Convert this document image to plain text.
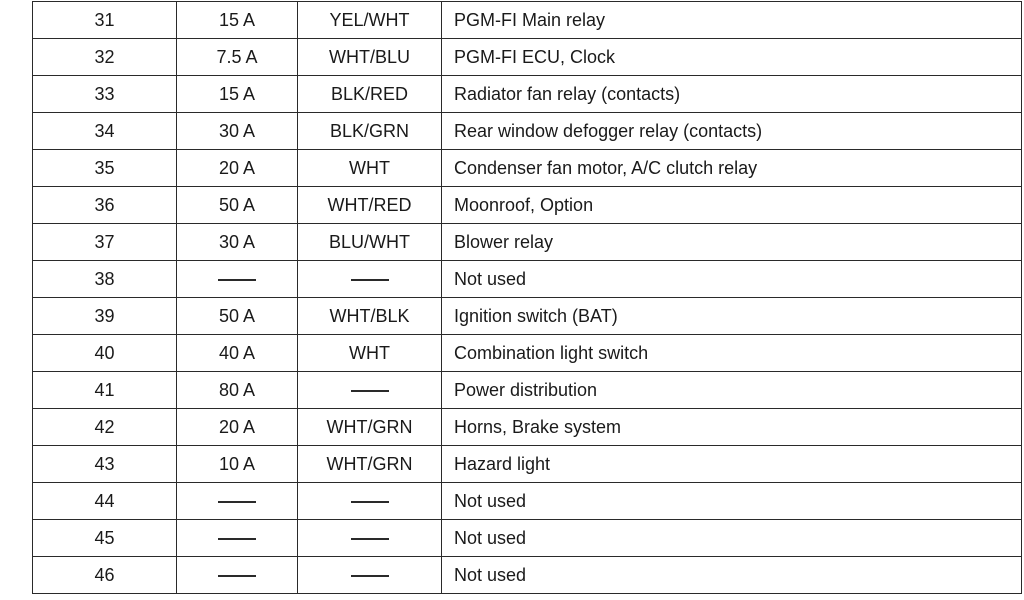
31	15 A	YEL/WHT	PGM-FI Main relay
32	7.5 A	WHT/BLU	PGM-FI ECU, Clock
33	15 A	BLK/RED	Radiator fan relay (contacts)
34	30 A	BLK/GRN	Rear window defogger relay (contacts)
35	20 A	WHT	Condenser fan motor, A/C clutch relay
36	50 A	WHT/RED	Moonroof, Option
37	30 A	BLU/WHT	Blower relay
38			Not used
39	50 A	WHT/BLK	Ignition switch (BAT)
40	40 A	WHT	Combination light switch
41	80 A		Power distribution
42	20 A	WHT/GRN	Horns, Brake system
43	10 A	WHT/GRN	Hazard light
44			Not used
45			Not used
46			Not used
